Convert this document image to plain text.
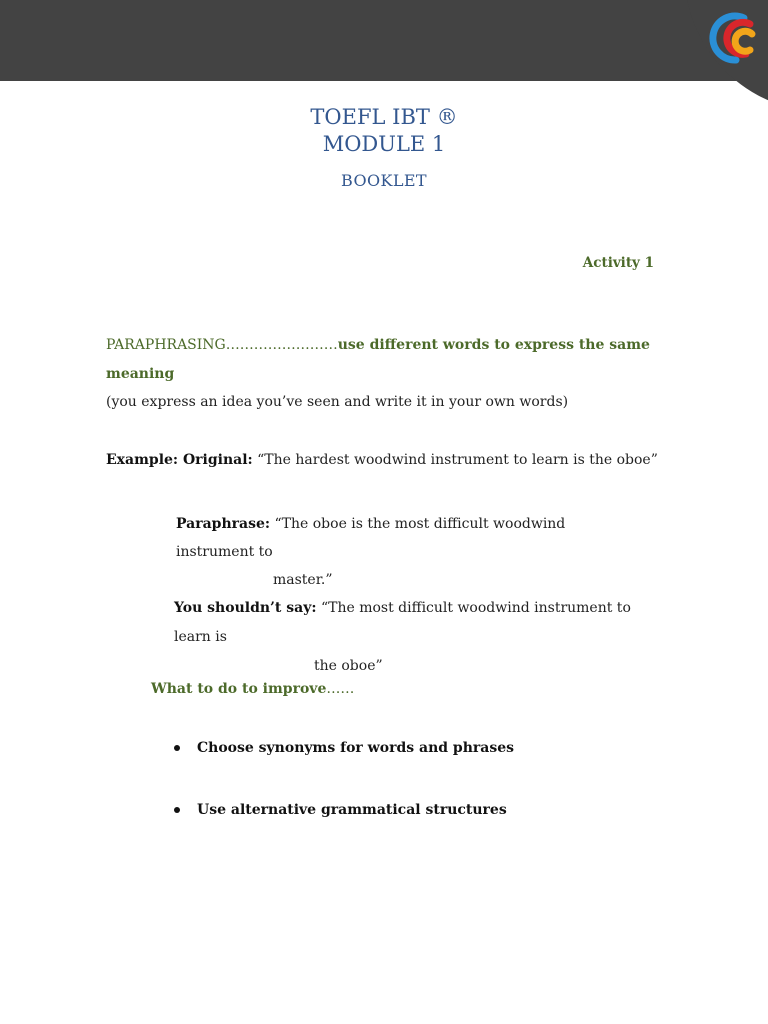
TOEFL IBT ®
MODULE 1
BOOKLET
Activity 1
PARAPHRASING……………………use different words to express the same meaning
(you express an idea you’ve seen and write it in your own words)
Example: Original: “The hardest woodwind instrument to learn is the oboe”
Paraphrase: “The oboe is the most difficult woodwind instrument to
master.”
You shouldn’t say: “The most difficult woodwind instrument to learn is
the oboe”
What to do to improve……
Choose synonyms for words and phrases
Use alternative grammatical structures
